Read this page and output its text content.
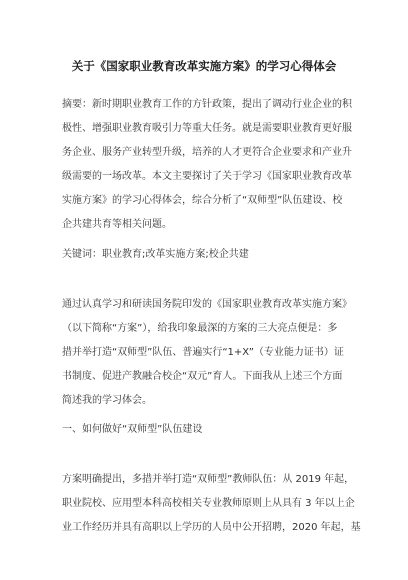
关于《国家职业教育改革实施方案》的学习心得体会
摘要：新时期职业教育工作的方针政策，提出了调动行业企业的积
极性、增强职业教育吸引力等重大任务。就是需要职业教育更好服
务企业、服务产业转型升级，培养的人才更符合企业要求和产业升
级需要的一场改革。本文主要探讨了关于学习《国家职业教育改革
实施方案》的学习心得体会，综合分析了“双师型”队伍建设、校
企共建共育等相关问题。
关键词：职业教育;改革实施方案;校企共建
通过认真学习和研读国务院印发的《国家职业教育改革实施方案》
（以下简称“方案”），给我印象最深的方案的三大亮点便是：多
措并举打造“双师型”队伍、普遍实行“1+X”（专业能力证书）证
书制度、促进产教融合校企“双元”育人。下面我从上述三个方面
简述我的学习体会。
一、如何做好“双师型”队伍建设
方案明确提出，多措并举打造“双师型”教师队伍：从 2019 年起，
职业院校、应用型本科高校相关专业教师原则上从具有 3 年以上企
业工作经历并具有高职以上学历的人员中公开招聘，2020 年起，基
